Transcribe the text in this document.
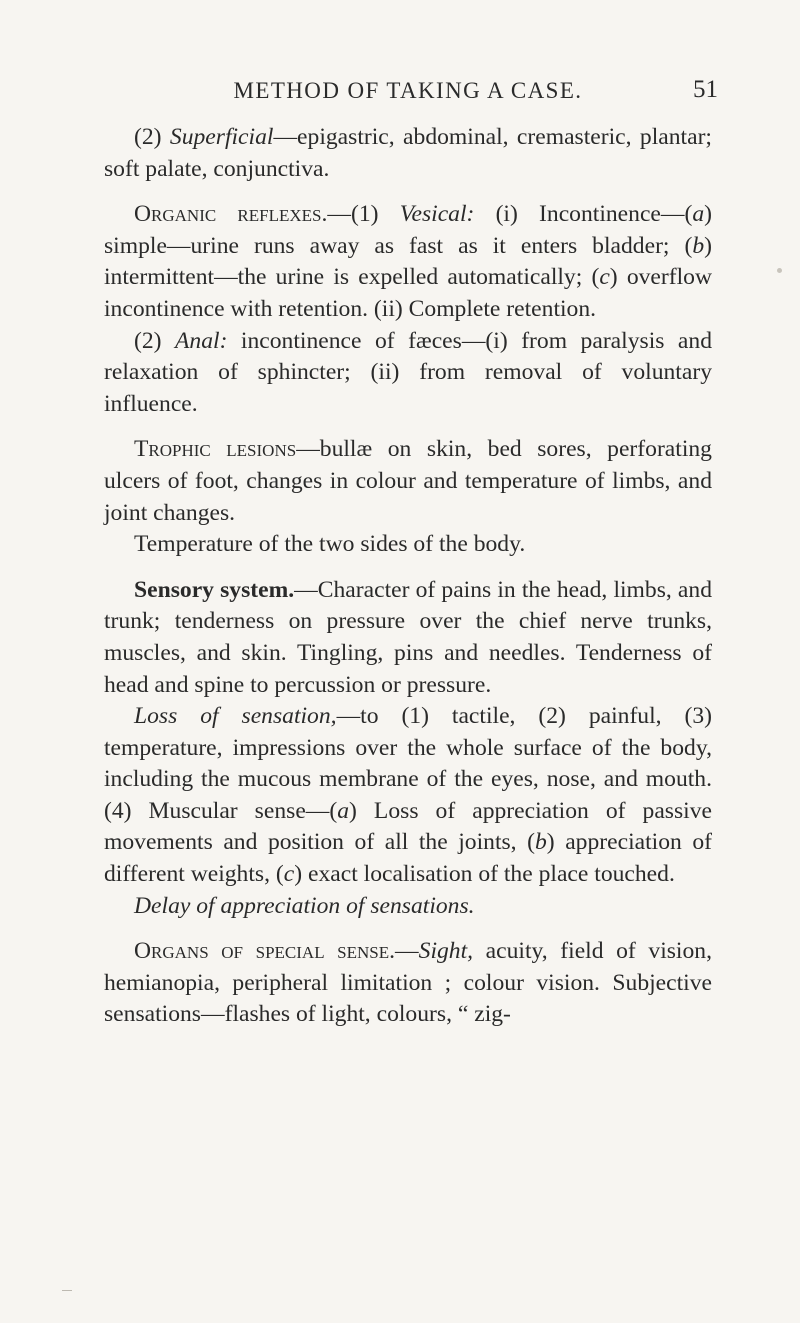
METHOD OF TAKING A CASE.	51

(2) Superficial—epigastric, abdominal, cremasteric, plantar; soft palate, conjunctiva.

Organic reflexes.—(1) Vesical: (i) Incontinence—(a) simple—urine runs away as fast as it enters bladder; (b) intermittent—the urine is expelled automatically; (c) overflow incontinence with retention. (ii) Complete retention.

(2) Anal: incontinence of fæces—(i) from paralysis and relaxation of sphincter; (ii) from removal of voluntary influence.

Trophic lesions—bullæ on skin, bed sores, perforating ulcers of foot, changes in colour and temperature of limbs, and joint changes.

Temperature of the two sides of the body.

Sensory system.—Character of pains in the head, limbs, and trunk; tenderness on pressure over the chief nerve trunks, muscles, and skin. Tingling, pins and needles. Tenderness of head and spine to percussion or pressure.

Loss of sensation,—to (1) tactile, (2) painful, (3) temperature, impressions over the whole surface of the body, including the mucous membrane of the eyes, nose, and mouth. (4) Muscular sense—(a) Loss of appreciation of passive movements and position of all the joints, (b) appreciation of different weights, (c) exact localisation of the place touched.

Delay of appreciation of sensations.

Organs of special sense.—Sight, acuity, field of vision, hemianopia, peripheral limitation ; colour vision. Subjective sensations—flashes of light, colours, “ zig-
